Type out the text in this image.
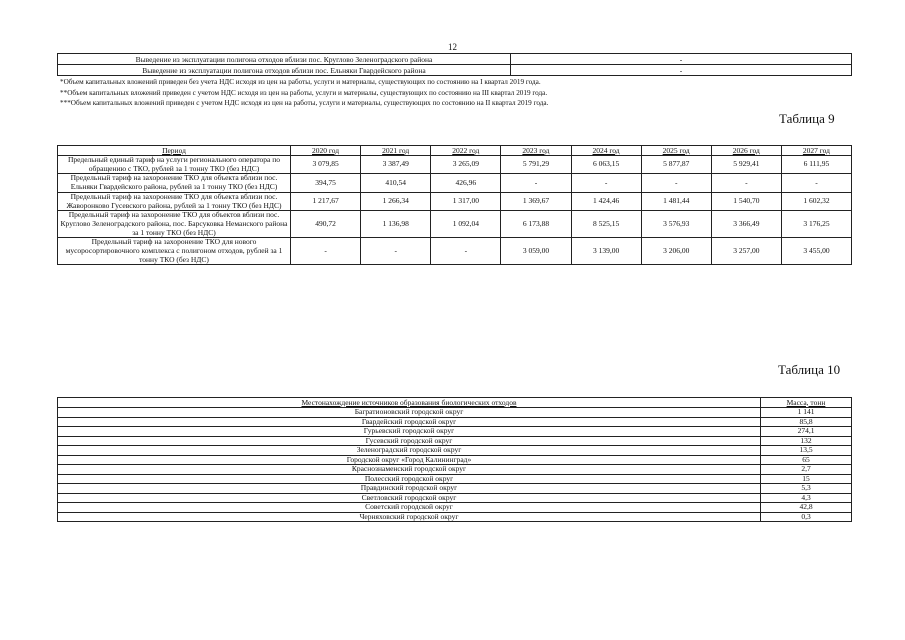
12
Выведение из эксплуатации полигона отходов вблизи пос. Круглово Зеленоградского района	-
Выведение из эксплуатации полигона отходов вблизи пос. Ельняки Гвардейского района	-
*Объем капитальных вложений приведен без учета НДС исходя из цен на работы, услуги и материалы, существующих по состоянию на I квартал 2019 года.
**Объем капитальных вложений приведен с учетом НДС исходя из цен на работы, услуги и материалы, существующих по состоянию на III квартал 2019 года.
***Объем капитальных вложений приведен с учетом НДС исходя из цен на работы, услуги и материалы, существующих по состоянию на II квартал 2019 года.
Таблица 9
Период	2020 год	2021 год	2022 год	2023 год	2024 год	2025 год	2026 год	2027 год
Предельный единый тариф на услуги регионального оператора по обращению с ТКО, рублей за 1 тонну ТКО (без НДС)	3 079,85	3 387,49	3 265,09	5 791,29	6 063,15	5 877,87	5 929,41	6 111,95
Предельный тариф на захоронение ТКО для объекта вблизи пос. Ельняки Гвардейского района, рублей за 1 тонну ТКО (без НДС)	394,75	410,54	426,96	-	-	-	-	-
Предельный тариф на захоронение ТКО для объекта вблизи пос. Жаворонково Гусевского района, рублей за 1 тонну ТКО (без НДС)	1 217,67	1 266,34	1 317,00	1 369,67	1 424,46	1 481,44	1 540,70	1 602,32
Предельный тариф на захоронение ТКО для объектов вблизи пос. Круглово Зеленоградского района, пос. Барсуковка Неманского района за 1 тонну ТКО (без НДС)	490,72	1 136,98	1 092,04	6 173,88	8 525,15	3 576,93	3 366,49	3 176,25
Предельный тариф на захоронение ТКО для нового мусоросортировочного комплекса с полигоном отходов, рублей за 1 тонну ТКО (без НДС)	-	-	-	3 059,00	3 139,00	3 206,00	3 257,00	3 455,00
Таблица 10
Местонахождение источников образования биологических отходов	Масса, тонн
Багратионовский городской округ	1 141
Гвардейский городской округ	85,8
Гурьевский городской округ	274,1
Гусевский городской округ	132
Зеленоградский городской округ	13,5
Городской округ «Город Калининград»	65
Краснознаменский городской округ	2,7
Полесский городской округ	15
Правдинский городской округ	5,3
Светловский городской округ	4,3
Советский городской округ	42,8
Черняховский городской округ	0,3
